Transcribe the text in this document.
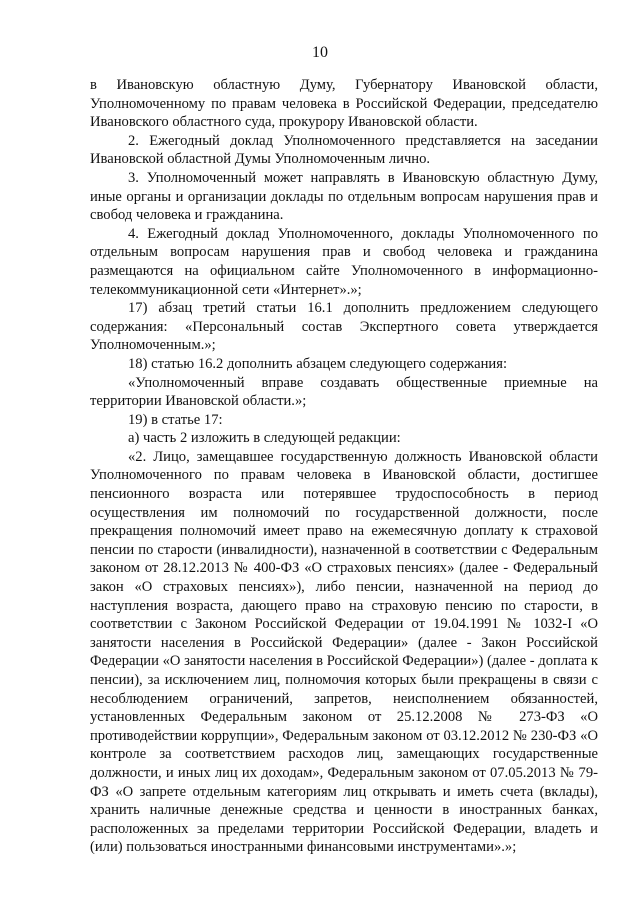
10

в Ивановскую областную Думу, Губернатору Ивановской области, Уполномоченному по правам человека в Российской Федерации, председателю Ивановского областного суда, прокурору Ивановской области.

2. Ежегодный доклад Уполномоченного представляется на заседании Ивановской областной Думы Уполномоченным лично.

3. Уполномоченный может направлять в Ивановскую областную Думу, иные органы и организации доклады по отдельным вопросам нарушения прав и свобод человека и гражданина.

4. Ежегодный доклад Уполномоченного, доклады Уполномоченного по отдельным вопросам нарушения прав и свобод человека и гражданина размещаются на официальном сайте Уполномоченного в информационно-телекоммуникационной сети «Интернет».»;

17) абзац третий статьи 16.1 дополнить предложением следующего содержания: «Персональный состав Экспертного совета утверждается Уполномоченным.»;

18) статью 16.2 дополнить абзацем следующего содержания:

«Уполномоченный вправе создавать общественные приемные на территории Ивановской области.»;

19) в статье 17:

а) часть 2 изложить в следующей редакции:

«2. Лицо, замещавшее государственную должность Ивановской области Уполномоченного по правам человека в Ивановской области, достигшее пенсионного возраста или потерявшее трудоспособность в период осуществления им полномочий по государственной должности, после прекращения полномочий имеет право на ежемесячную доплату к страховой пенсии по старости (инвалидности), назначенной в соответствии с Федеральным законом от 28.12.2013 № 400-ФЗ «О страховых пенсиях» (далее - Федеральный закон «О страховых пенсиях»), либо пенсии, назначенной на период до наступления возраста, дающего право на страховую пенсию по старости, в соответствии с Законом Российской Федерации от 19.04.1991 № 1032-I «О занятости населения в Российской Федерации» (далее - Закон Российской Федерации «О занятости населения в Российской Федерации») (далее - доплата к пенсии), за исключением лиц, полномочия которых были прекращены в связи с несоблюдением ограничений, запретов, неисполнением обязанностей, установленных Федеральным законом от 25.12.2008 № 273-ФЗ «О противодействии коррупции», Федеральным законом от 03.12.2012 № 230-ФЗ «О контроле за соответствием расходов лиц, замещающих государственные должности, и иных лиц их доходам», Федеральным законом от 07.05.2013 № 79-ФЗ «О запрете отдельным категориям лиц открывать и иметь счета (вклады), хранить наличные денежные средства и ценности в иностранных банках, расположенных за пределами территории Российской Федерации, владеть и (или) пользоваться иностранными финансовыми инструментами».»;
